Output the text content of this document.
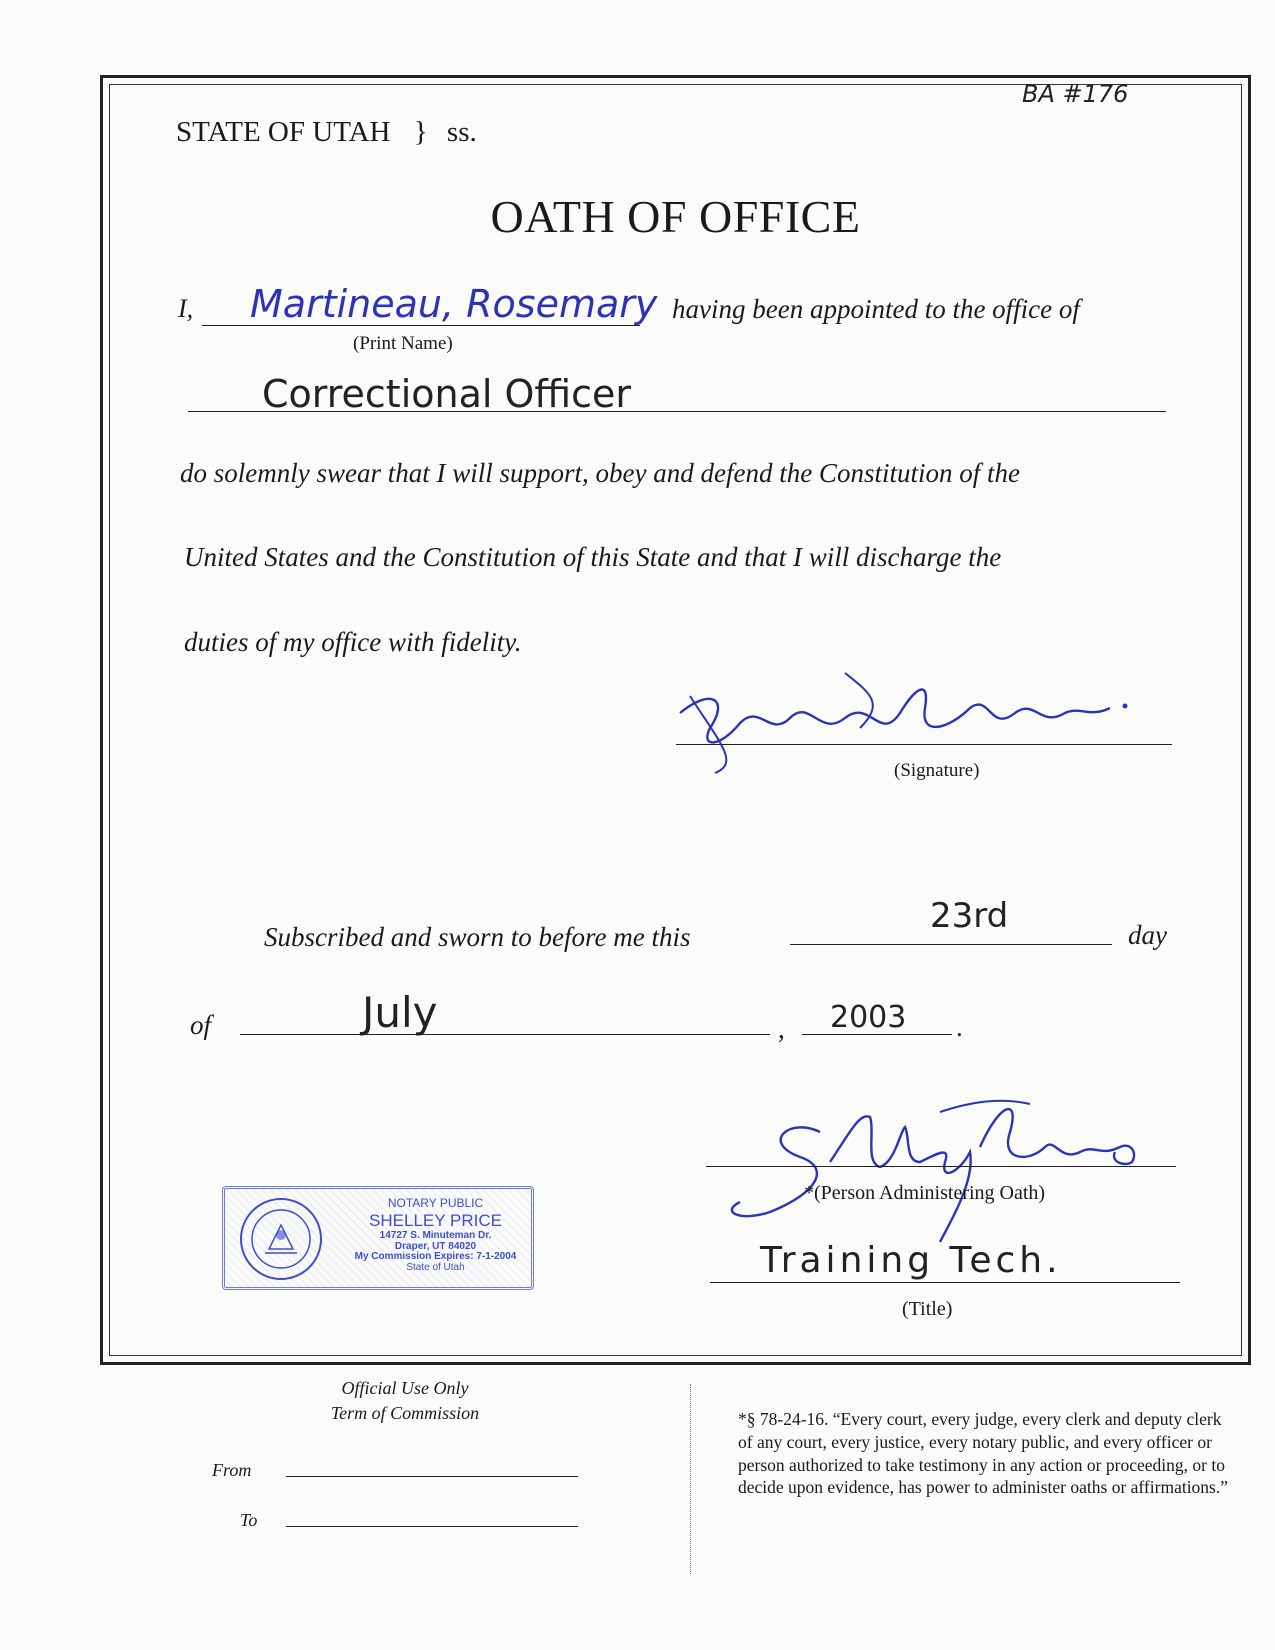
BA #176
STATE OF UTAH } ss.
OATH OF OFFICE
I, Martineau, Rosemary
(Print Name)
having been appointed to the office of
Correctional Officer
do solemnly swear that I will support, obey and defend the Constitution of the
United States and the Constitution of this State and that I will discharge the
duties of my office with fidelity.
(Signature)
Subscribed and sworn to before me this
23rd	day
of	July	, 2003 .
*(Person Administering Oath)
Training Tech.
(Title)
NOTARY PUBLIC
SHELLEY PRICE
14727 S. Minuteman Dr.
Draper, UT 84020
My Commission Expires: 7-1-2004
State of Utah
Official Use Only
Term of Commission
From
To
*§ 78-24-16. “Every court, every judge, every clerk and deputy clerk of any court, every justice, every notary public, and every officer or person authorized to take testimony in any action or proceeding, or to decide upon evidence, has power to administer oaths or affirmations.”
